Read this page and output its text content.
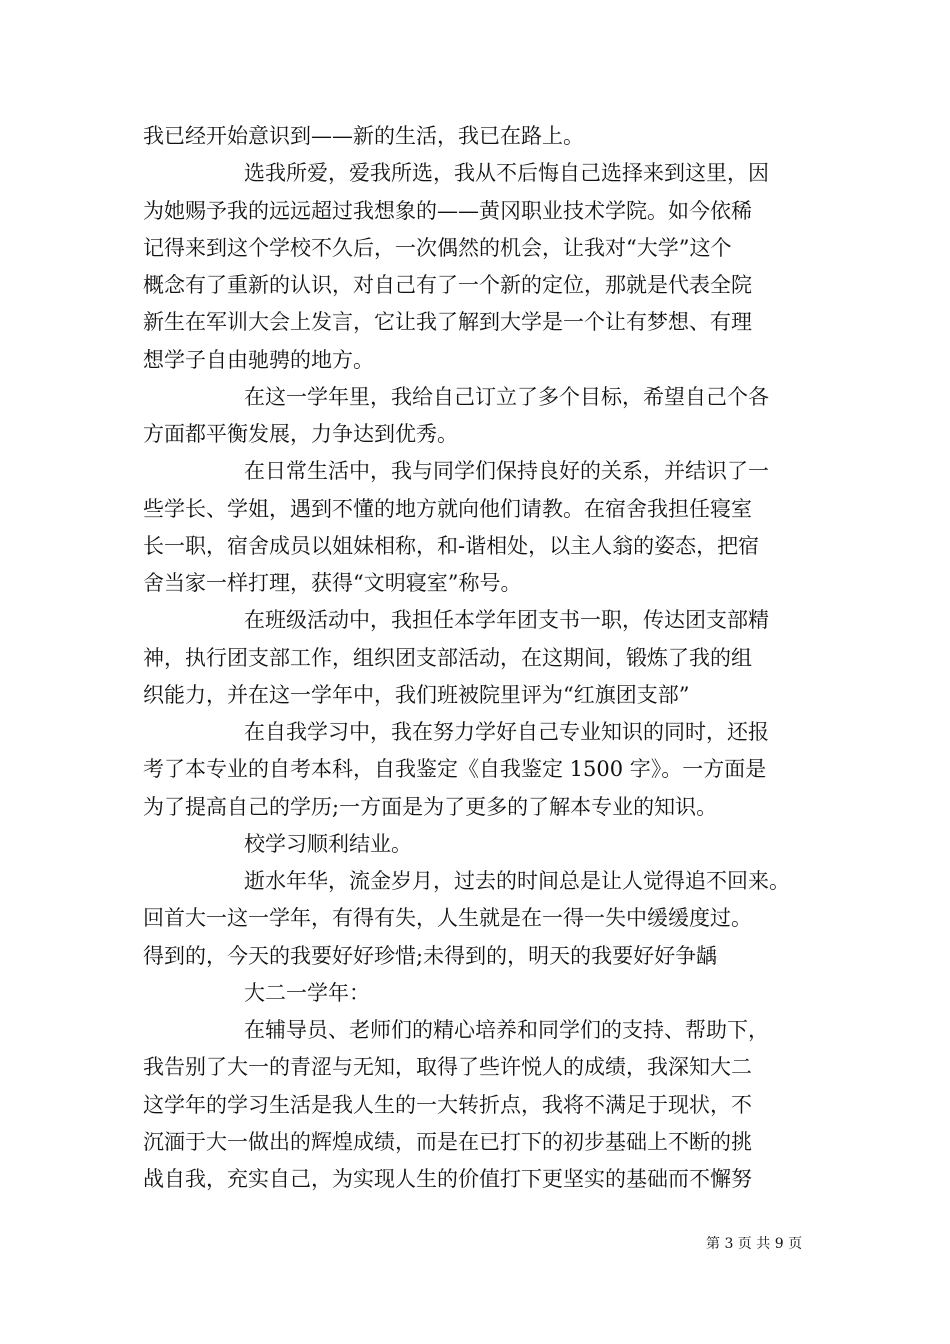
我已经开始意识到——新的生活，我已在路上。
选我所爱，爱我所选，我从不后悔自己选择来到这里，因
为她赐予我的远远超过我想象的——黄冈职业技术学院。如今依稀
记得来到这个学校不久后，一次偶然的机会，让我对“大学”这个
概念有了重新的认识，对自己有了一个新的定位，那就是代表全院
新生在军训大会上发言，它让我了解到大学是一个让有梦想、有理
想学子自由驰骋的地方。
在这一学年里，我给自己订立了多个目标，希望自己个各
方面都平衡发展，力争达到优秀。
在日常生活中，我与同学们保持良好的关系，并结识了一
些学长、学姐，遇到不懂的地方就向他们请教。在宿舍我担任寝室
长一职，宿舍成员以姐妹相称，和-谐相处，以主人翁的姿态，把宿
舍当家一样打理，获得“文明寝室”称号。
在班级活动中，我担任本学年团支书一职，传达团支部精
神，执行团支部工作，组织团支部活动，在这期间，锻炼了我的组
织能力，并在这一学年中，我们班被院里评为“红旗团支部”
在自我学习中，我在努力学好自己专业知识的同时，还报
考了本专业的自考本科，自我鉴定《自我鉴定 1500 字》。一方面是
为了提高自己的学历;一方面是为了更多的了解本专业的知识。
校学习顺利结业。
逝水年华，流金岁月，过去的时间总是让人觉得追不回来。
回首大一这一学年，有得有失，人生就是在一得一失中缓缓度过。
得到的，今天的我要好好珍惜;未得到的，明天的我要好好争龋
大二一学年：
在辅导员、老师们的精心培养和同学们的支持、帮助下，
我告别了大一的青涩与无知，取得了些许悦人的成绩，我深知大二
这学年的学习生活是我人生的一大转折点，我将不满足于现状，不
沉湎于大一做出的辉煌成绩，而是在已打下的初步基础上不断的挑
战自我，充实自己，为实现人生的价值打下更坚实的基础而不懈努
第 3 页 共 9 页
